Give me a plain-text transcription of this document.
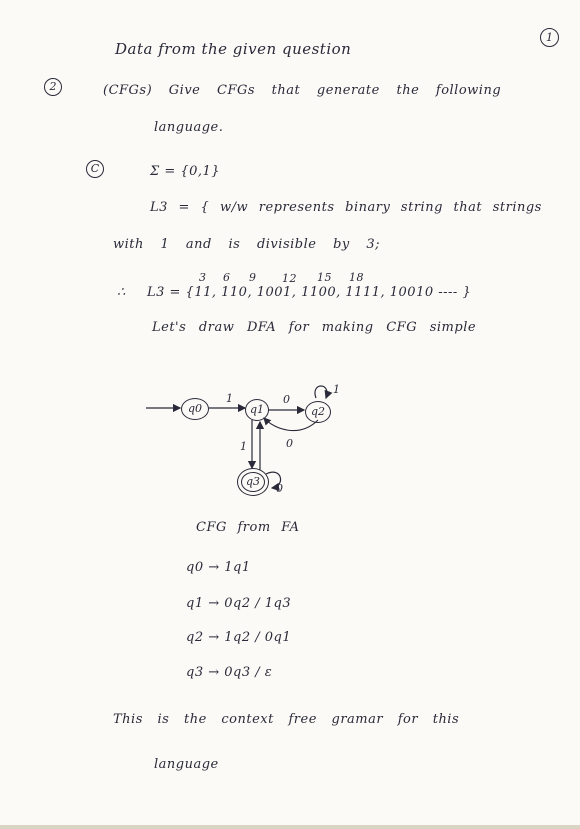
1
Data from the given question
2	(CFGs) Give CFGs that generate the following
language.
C	Σ = {0,1}
L3 = { w/w represents binary string that strings
with 1 and is divisible by 3;
3 6 9 12 15 18
∴ L3 = {11, 110, 1001, 1100, 1111, 10010 ---- }
Let's draw DFA for making CFG simple
q0	q1	q2
q3
1	0
1
1	0
0
CFG from FA
q0 → 1q1
q1 → 0q2 / 1q3
q2 → 1q2 / 0q1
q3 → 0q3 / ε
This is the context free gramar for this
language
